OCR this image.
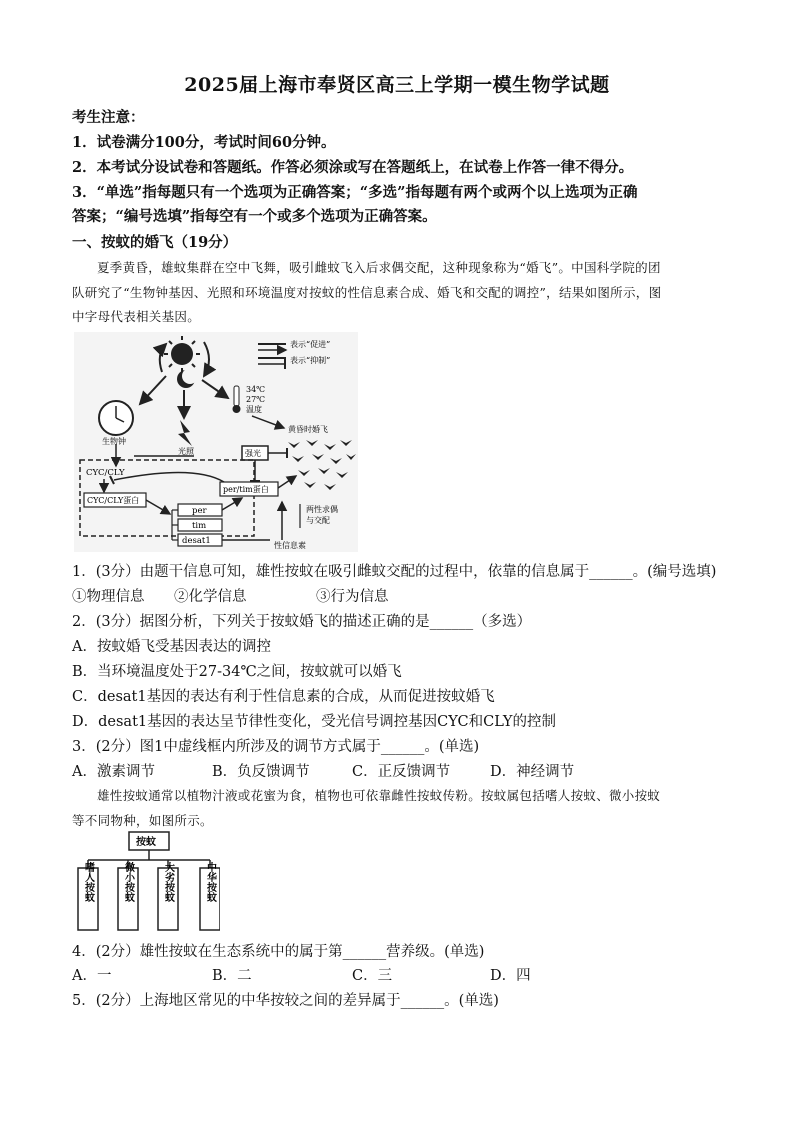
2025届上海市奉贤区高三上学期一模生物学试题
考生注意：
1．试卷满分100分，考试时间60分钟。
2．本考试分设试卷和答题纸。作答必须涂或写在答题纸上，在试卷上作答一律不得分。
3．“单选”指每题只有一个选项为正确答案；“多选”指每题有两个或两个以上选项为正确
答案；“编号选填”指每空有一个或多个选项为正确答案。
一、按蚊的婚飞（19分）
夏季黄昏，雄蚊集群在空中飞舞，吸引雌蚊飞入后求偶交配，这种现象称为“婚飞”。中国科学院的团
队研究了“生物钟基因、光照和环境温度对按蚊的性信息素合成、婚飞和交配的调控”，结果如图所示，图
中字母代表相关基因。
表示“促进”
表示“抑制”
生物钟
光照
34℃
27℃
温度
黄昏时婚飞
强光
CYC/CLY
CYC/CLY蛋白
per
tim
desat1
per/tim蛋白
性信息素
两性求偶
与交配
1．(3分）由题干信息可知，雄性按蚊在吸引雌蚊交配的过程中，依靠的信息属于______。(编号选填)
①物理信息	②化学信息	③行为信息
2．(3分）据图分析，下列关于按蚊婚飞的描述正确的是______（多选）
A．按蚊婚飞受基因表达的调控
B．当环境温度处于27-34℃之间，按蚊就可以婚飞
C．desat1基因的表达有利于性信息素的合成，从而促进按蚊婚飞
D．desat1基因的表达呈节律性变化，受光信号调控基因CYC和CLY的控制
3．(2分）图1中虚线框内所涉及的调节方式属于______。(单选)
A．激素调节	B．负反馈调节	C．正反馈调节	D．神经调节
雄性按蚊通常以植物汁液或花蜜为食，植物也可依靠雌性按蚊传粉。按蚊属包括嗜人按蚊、微小按蚊
等不同物种，如图所示。
按蚊
嗜人按蚊	微小按蚊	大劣按蚊	中华按蚊
4．(2分）雄性按蚊在生态系统中的属于第______营养级。(单选)
A．一	B．二	C．三	D．四
5．(2分）上海地区常见的中华按较之间的差异属于______。(单选)
